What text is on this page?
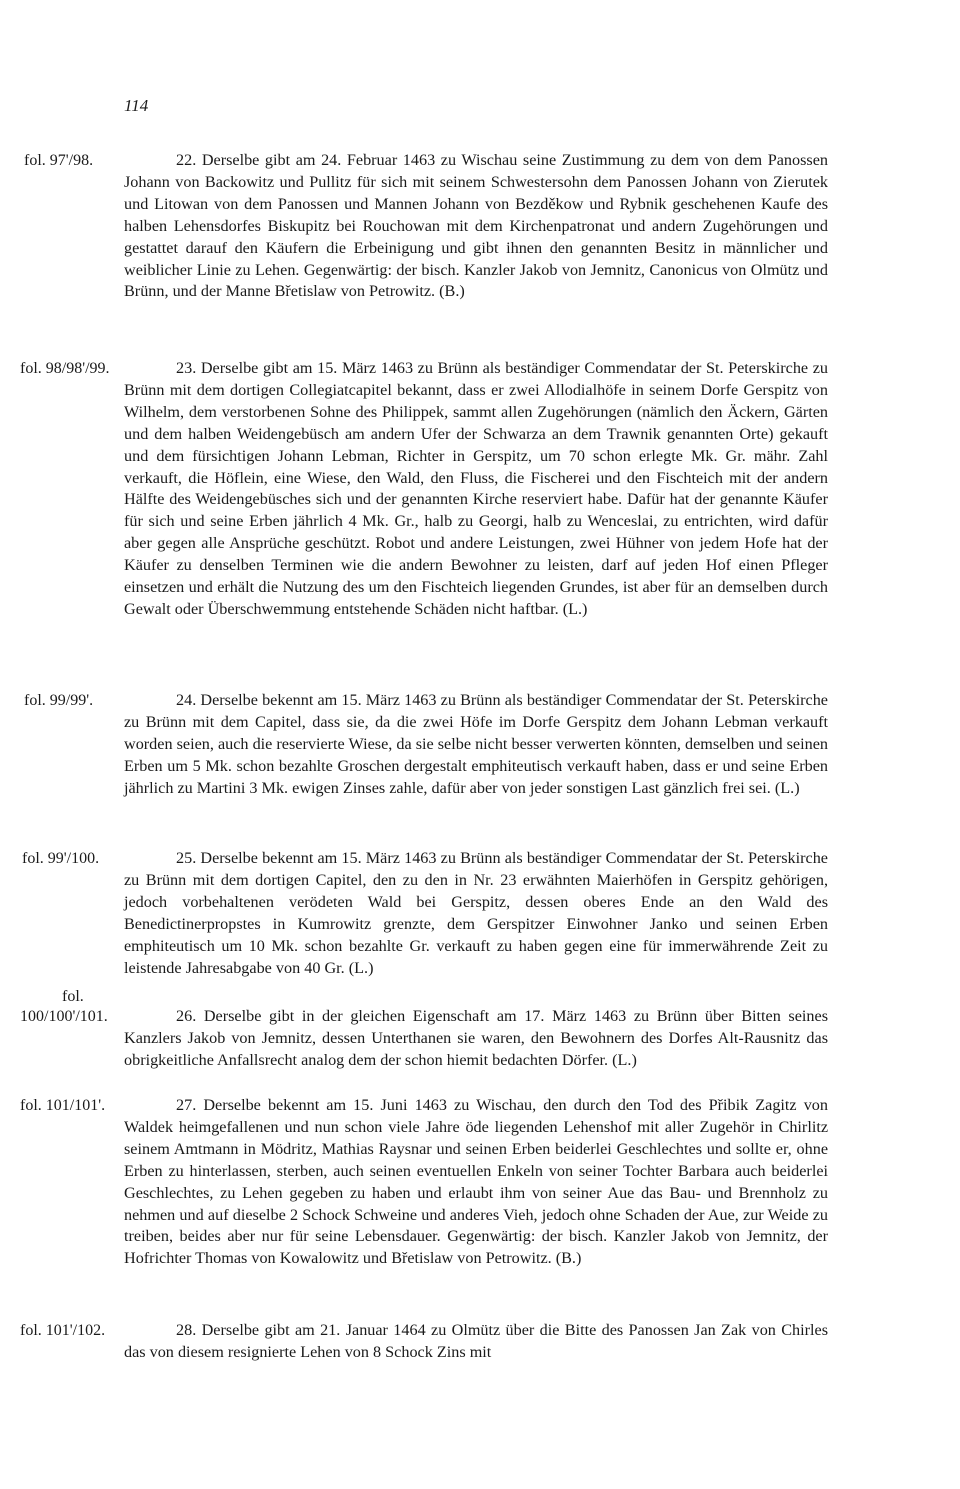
114
fol. 97'/98.	22. Derselbe gibt am 24. Februar 1463 zu Wischau seine Zustimmung zu dem von dem Panossen Johann von Backowitz und Pullitz für sich mit seinem Schwestersohn dem Panossen Johann von Zierutek und Litowan von dem Panossen und Mannen Johann von Bezděkow und Rybnik geschehenen Kaufe des halben Lehensdorfes Biskupitz bei Rouchowan mit dem Kirchenpatronat und andern Zugehörungen und gestattet darauf den Käufern die Erbeinigung und gibt ihnen den genannten Besitz in männlicher und weiblicher Linie zu Lehen. Gegenwärtig: der bisch. Kanzler Jakob von Jemnitz, Canonicus von Olmütz und Brünn, und der Manne Břetislaw von Petrowitz. (B.)

fol. 98/98'/99.	23. Derselbe gibt am 15. März 1463 zu Brünn als beständiger Commendatar der St. Peterskirche zu Brünn mit dem dortigen Collegiatcapitel bekannt, dass er zwei Allodialhöfe in seinem Dorfe Gerspitz von Wilhelm, dem verstorbenen Sohne des Philippek, sammt allen Zugehörungen (nämlich den Äckern, Gärten und dem halben Weidengebüsch am andern Ufer der Schwarza an dem Trawnik genannten Orte) gekauft und dem fürsichtigen Johann Lebman, Richter in Gerspitz, um 70 schon erlegte Mk. Gr. mähr. Zahl verkauft, die Höflein, eine Wiese, den Wald, den Fluss, die Fischerei und den Fischteich mit der andern Hälfte des Weidengebüsches sich und der genannten Kirche reserviert habe. Dafür hat der genannte Käufer für sich und seine Erben jährlich 4 Mk. Gr., halb zu Georgi, halb zu Wenceslai, zu entrichten, wird dafür aber gegen alle Ansprüche geschützt. Robot und andere Leistungen, zwei Hühner von jedem Hofe hat der Käufer zu denselben Terminen wie die andern Bewohner zu leisten, darf auf jeden Hof einen Pfleger einsetzen und erhält die Nutzung des um den Fischteich liegenden Grundes, ist aber für an demselben durch Gewalt oder Überschwemmung entstehende Schäden nicht haftbar. (L.)

fol. 99/99'.	24. Derselbe bekennt am 15. März 1463 zu Brünn als beständiger Commendatar der St. Peterskirche zu Brünn mit dem Capitel, dass sie, da die zwei Höfe im Dorfe Gerspitz dem Johann Lebman verkauft worden seien, auch die reservierte Wiese, da sie selbe nicht besser verwerten könnten, demselben und seinen Erben um 5 Mk. schon bezahlte Groschen dergestalt emphiteutisch verkauft haben, dass er und seine Erben jährlich zu Martini 3 Mk. ewigen Zinses zahle, dafür aber von jeder sonstigen Last gänzlich frei sei. (L.)

fol. 99'/100.	25. Derselbe bekennt am 15. März 1463 zu Brünn als beständiger Commendatar der St. Peterskirche zu Brünn mit dem dortigen Capitel, den zu den in Nr. 23 erwähnten Maierhöfen in Gerspitz gehörigen, jedoch vorbehaltenen verödeten Wald bei Gerspitz, dessen oberes Ende an den Wald des Benedictinerpropstes in Kumrowitz grenzte, dem Gerspitzer Einwohner Janko und seinen Erben emphiteutisch um 10 Mk. schon bezahlte Gr. verkauft zu haben gegen eine für immerwährende Zeit zu leistende Jahresabgabe von 40 Gr. (L.)

fol.
100/100'/101.	26. Derselbe gibt in der gleichen Eigenschaft am 17. März 1463 zu Brünn über Bitten seines Kanzlers Jakob von Jemnitz, dessen Unterthanen sie waren, den Bewohnern des Dorfes Alt-Rausnitz das obrigkeitliche Anfallsrecht analog dem der schon hiemit bedachten Dörfer. (L.)

fol. 101/101'.	27. Derselbe bekennt am 15. Juni 1463 zu Wischau, den durch den Tod des Přibik Zagitz von Waldek heimgefallenen und nun schon viele Jahre öde liegenden Lehenshof mit aller Zugehör in Chirlitz seinem Amtmann in Mödritz, Mathias Raysnar und seinen Erben beiderlei Geschlechtes und sollte er, ohne Erben zu hinterlassen, sterben, auch seinen eventuellen Enkeln von seiner Tochter Barbara auch beiderlei Geschlechtes, zu Lehen gegeben zu haben und erlaubt ihm von seiner Aue das Bau- und Brennholz zu nehmen und auf dieselbe 2 Schock Schweine und anderes Vieh, jedoch ohne Schaden der Aue, zur Weide zu treiben, beides aber nur für seine Lebensdauer. Gegenwärtig: der bisch. Kanzler Jakob von Jemnitz, der Hofrichter Thomas von Kowalowitz und Břetislaw von Petrowitz. (B.)

fol. 101'/102.	28. Derselbe gibt am 21. Januar 1464 zu Olmütz über die Bitte des Panossen Jan Zak von Chirles das von diesem resignierte Lehen von 8 Schock Zins mit
